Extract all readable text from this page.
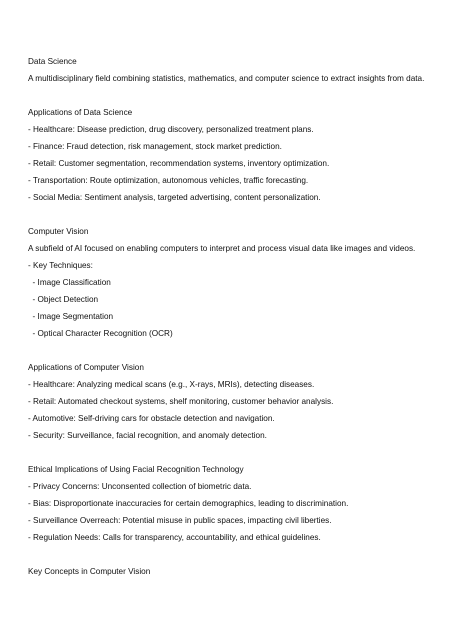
Data Science
A multidisciplinary field combining statistics, mathematics, and computer science to extract insights from data.
Applications of Data Science
- Healthcare: Disease prediction, drug discovery, personalized treatment plans.
- Finance: Fraud detection, risk management, stock market prediction.
- Retail: Customer segmentation, recommendation systems, inventory optimization.
- Transportation: Route optimization, autonomous vehicles, traffic forecasting.
- Social Media: Sentiment analysis, targeted advertising, content personalization.
Computer Vision
A subfield of AI focused on enabling computers to interpret and process visual data like images and videos.
- Key Techniques:
- Image Classification
- Object Detection
- Image Segmentation
- Optical Character Recognition (OCR)
Applications of Computer Vision
- Healthcare: Analyzing medical scans (e.g., X-rays, MRIs), detecting diseases.
- Retail: Automated checkout systems, shelf monitoring, customer behavior analysis.
- Automotive: Self-driving cars for obstacle detection and navigation.
- Security: Surveillance, facial recognition, and anomaly detection.
Ethical Implications of Using Facial Recognition Technology
- Privacy Concerns: Unconsented collection of biometric data.
- Bias: Disproportionate inaccuracies for certain demographics, leading to discrimination.
- Surveillance Overreach: Potential misuse in public spaces, impacting civil liberties.
- Regulation Needs: Calls for transparency, accountability, and ethical guidelines.
Key Concepts in Computer Vision
